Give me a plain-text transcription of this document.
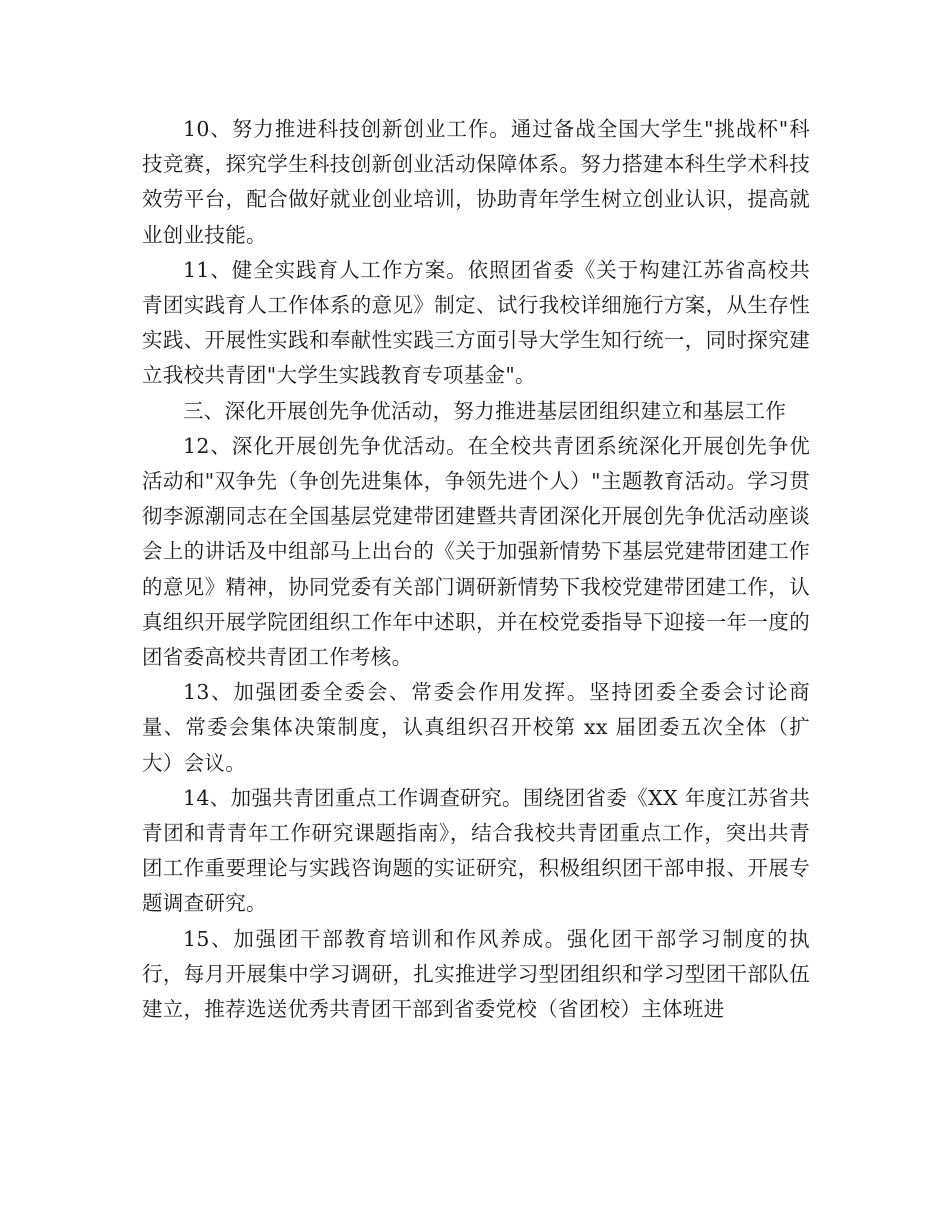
10、努力推进科技创新创业工作。通过备战全国大学生"挑战杯"科技竞赛，探究学生科技创新创业活动保障体系。努力搭建本科生学术科技效劳平台，配合做好就业创业培训，协助青年学生树立创业认识，提高就业创业技能。

11、健全实践育人工作方案。依照团省委《关于构建江苏省高校共青团实践育人工作体系的意见》制定、试行我校详细施行方案，从生存性实践、开展性实践和奉献性实践三方面引导大学生知行统一，同时探究建立我校共青团"大学生实践教育专项基金"。

三、深化开展创先争优活动，努力推进基层团组织建立和基层工作

12、深化开展创先争优活动。在全校共青团系统深化开展创先争优活动和"双争先（争创先进集体，争领先进个人）"主题教育活动。学习贯彻李源潮同志在全国基层党建带团建暨共青团深化开展创先争优活动座谈会上的讲话及中组部马上出台的《关于加强新情势下基层党建带团建工作的意见》精神，协同党委有关部门调研新情势下我校党建带团建工作，认真组织开展学院团组织工作年中述职，并在校党委指导下迎接一年一度的团省委高校共青团工作考核。

13、加强团委全委会、常委会作用发挥。坚持团委全委会讨论商量、常委会集体决策制度，认真组织召开校第 xx 届团委五次全体（扩大）会议。

14、加强共青团重点工作调查研究。围绕团省委《XX 年度江苏省共青团和青青年工作研究课题指南》，结合我校共青团重点工作，突出共青团工作重要理论与实践咨询题的实证研究，积极组织团干部申报、开展专题调查研究。

15、加强团干部教育培训和作风养成。强化团干部学习制度的执行，每月开展集中学习调研，扎实推进学习型团组织和学习型团干部队伍建立，推荐选送优秀共青团干部到省委党校（省团校）主体班进
